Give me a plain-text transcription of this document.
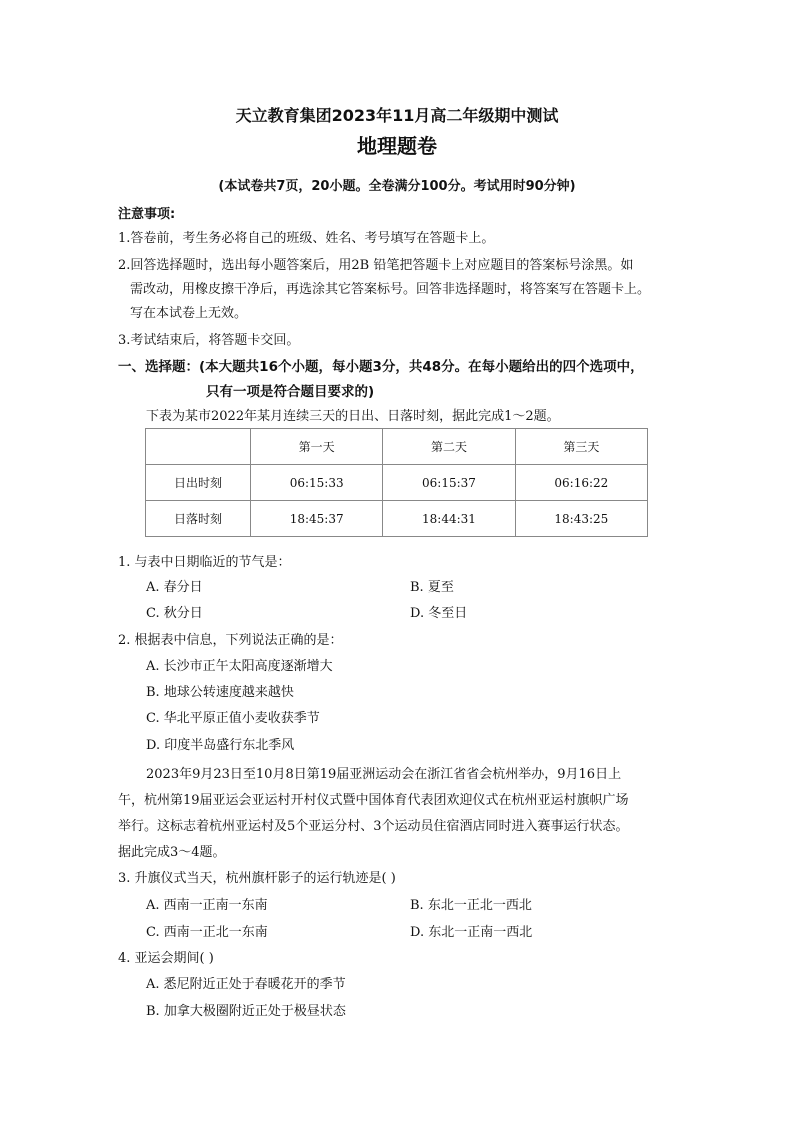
天立教育集团2023年11月高二年级期中测试
地理题卷
(本试卷共7页，20小题。全卷满分100分。考试用时90分钟)
注意事项:
1.答卷前，考生务必将自己的班级、姓名、考号填写在答题卡上。
2.回答选择题时，选出每小题答案后，用2B 铅笔把答题卡上对应题目的答案标号涂黑。如
需改动，用橡皮擦干净后，再选涂其它答案标号。回答非选择题时，将答案写在答题卡上。
写在本试卷上无效。
3.考试结束后，将答题卡交回。
一、选择题：(本大题共16个小题，每小题3分，共48分。在每小题给出的四个选项中，
只有一项是符合题目要求的)
下表为某市2022年某月连续三天的日出、日落时刻，据此完成1～2题。
	第一天	第二天	第三天
日出时刻	06:15:33	06:15:37	06:16:22
日落时刻	18:45:37	18:44:31	18:43:25
1. 与表中日期临近的节气是：
A. 春分日	B. 夏至
C. 秋分日	D. 冬至日
2. 根据表中信息，下列说法正确的是：
A. 长沙市正午太阳高度逐渐增大
B. 地球公转速度越来越快
C. 华北平原正值小麦收获季节
D. 印度半岛盛行东北季风
2023年9月23日至10月8日第19届亚洲运动会在浙江省省会杭州举办，9月16日上
午，杭州第19届亚运会亚运村开村仪式暨中国体育代表团欢迎仪式在杭州亚运村旗帜广场
举行。这标志着杭州亚运村及5个亚运分村、3个运动员住宿酒店同时进入赛事运行状态。
据此完成3～4题。
3. 升旗仪式当天，杭州旗杆影子的运行轨迹是( )
A. 西南一正南一东南	B. 东北一正北一西北
C. 西南一正北一东南	D. 东北一正南一西北
4. 亚运会期间( )
A. 悉尼附近正处于春暖花开的季节
B. 加拿大极圈附近正处于极昼状态
